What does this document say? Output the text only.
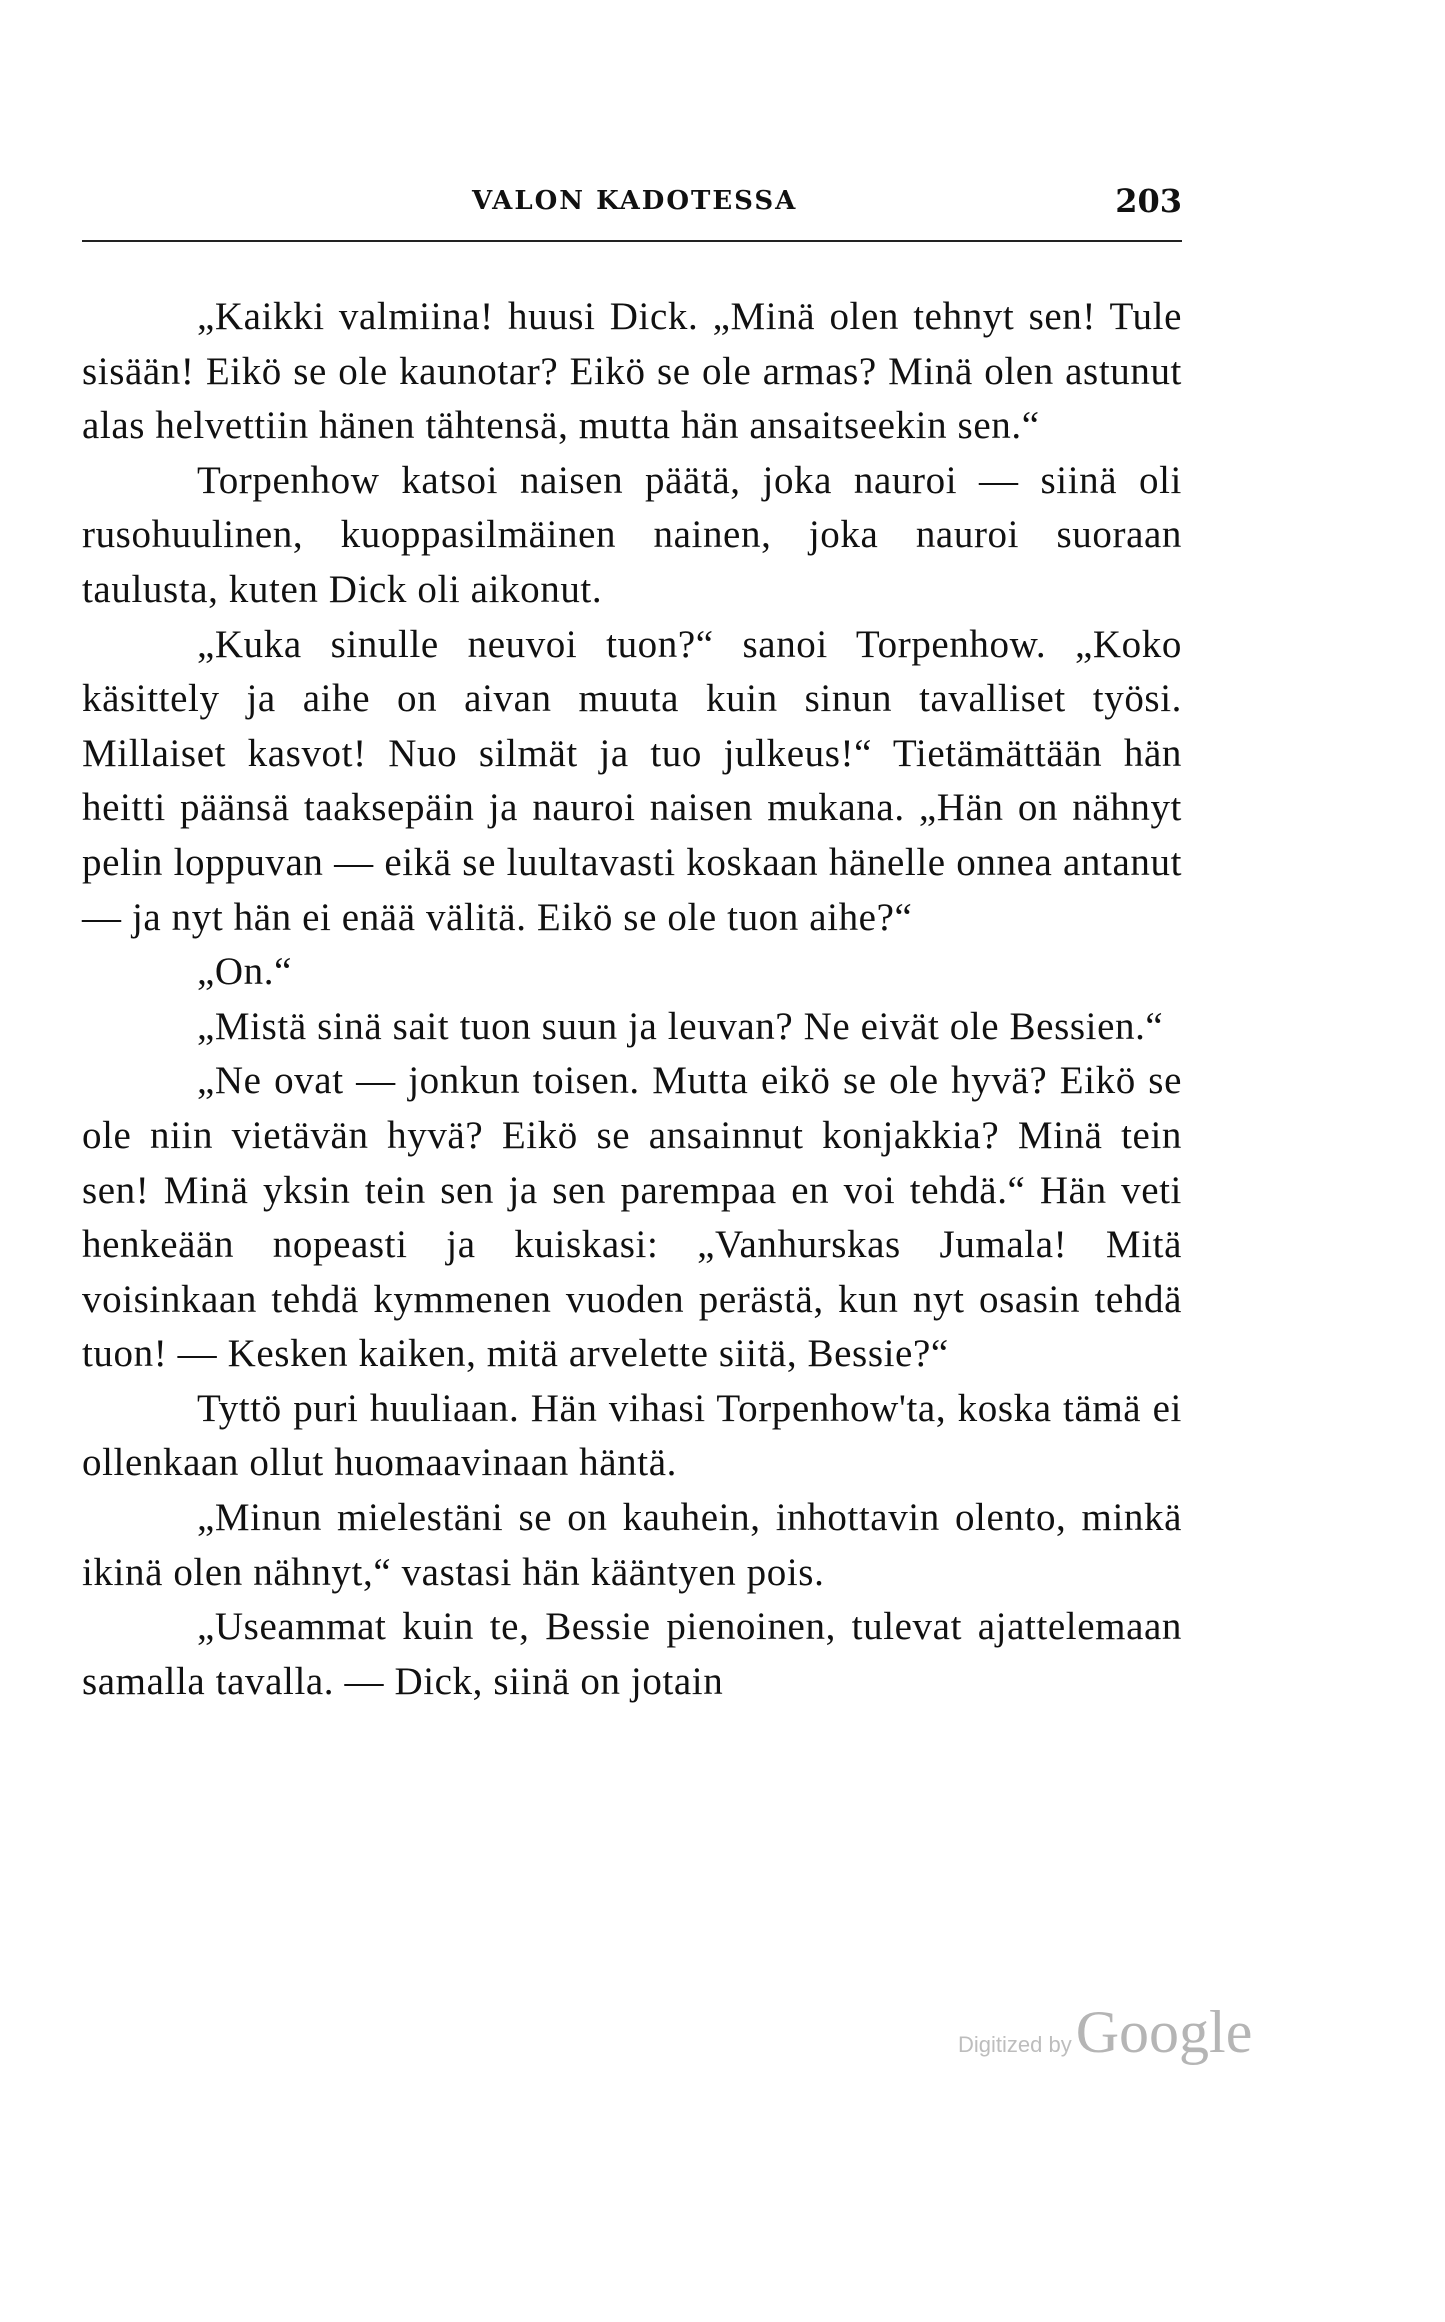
VALON KADOTESSA	203

„Kaikki valmiina! huusi Dick. „Minä olen tehnyt sen! Tule sisään! Eikö se ole kaunotar? Eikö se ole armas? Minä olen astunut alas helvettiin hänen tähtensä, mutta hän ansaitseekin sen.“

Torpenhow katsoi naisen päätä, joka nauroi — siinä oli rusohuulinen, kuoppasilmäinen nainen, joka nauroi suoraan taulusta, kuten Dick oli aikonut.

„Kuka sinulle neuvoi tuon?“ sanoi Torpenhow. „Koko käsittely ja aihe on aivan muuta kuin sinun tavalliset työsi. Millaiset kasvot! Nuo silmät ja tuo julkeus!“ Tietämättään hän heitti päänsä taaksepäin ja nauroi naisen mukana. „Hän on nähnyt pelin loppuvan — eikä se luultavasti koskaan hänelle onnea antanut — ja nyt hän ei enää välitä. Eikö se ole tuon aihe?“

„On.“

„Mistä sinä sait tuon suun ja leuvan? Ne eivät ole Bessien.“

„Ne ovat — jonkun toisen. Mutta eikö se ole hyvä? Eikö se ole niin vietävän hyvä? Eikö se ansainnut konjakkia? Minä tein sen! Minä yksin tein sen ja sen parempaa en voi tehdä.“ Hän veti henkeään nopeasti ja kuiskasi: „Vanhurskas Jumala! Mitä voisinkaan tehdä kymmenen vuoden perästä, kun nyt osasin tehdä tuon! — Kesken kaiken, mitä arvelette siitä, Bessie?“

Tyttö puri huuliaan. Hän vihasi Torpenhow'ta, koska tämä ei ollenkaan ollut huomaavinaan häntä.

„Minun mielestäni se on kauhein, inhottavin olento, minkä ikinä olen nähnyt,“ vastasi hän kääntyen pois.

„Useammat kuin te, Bessie pienoinen, tulevat ajattelemaan samalla tavalla. — Dick, siinä on jotain

Digitized by Google
